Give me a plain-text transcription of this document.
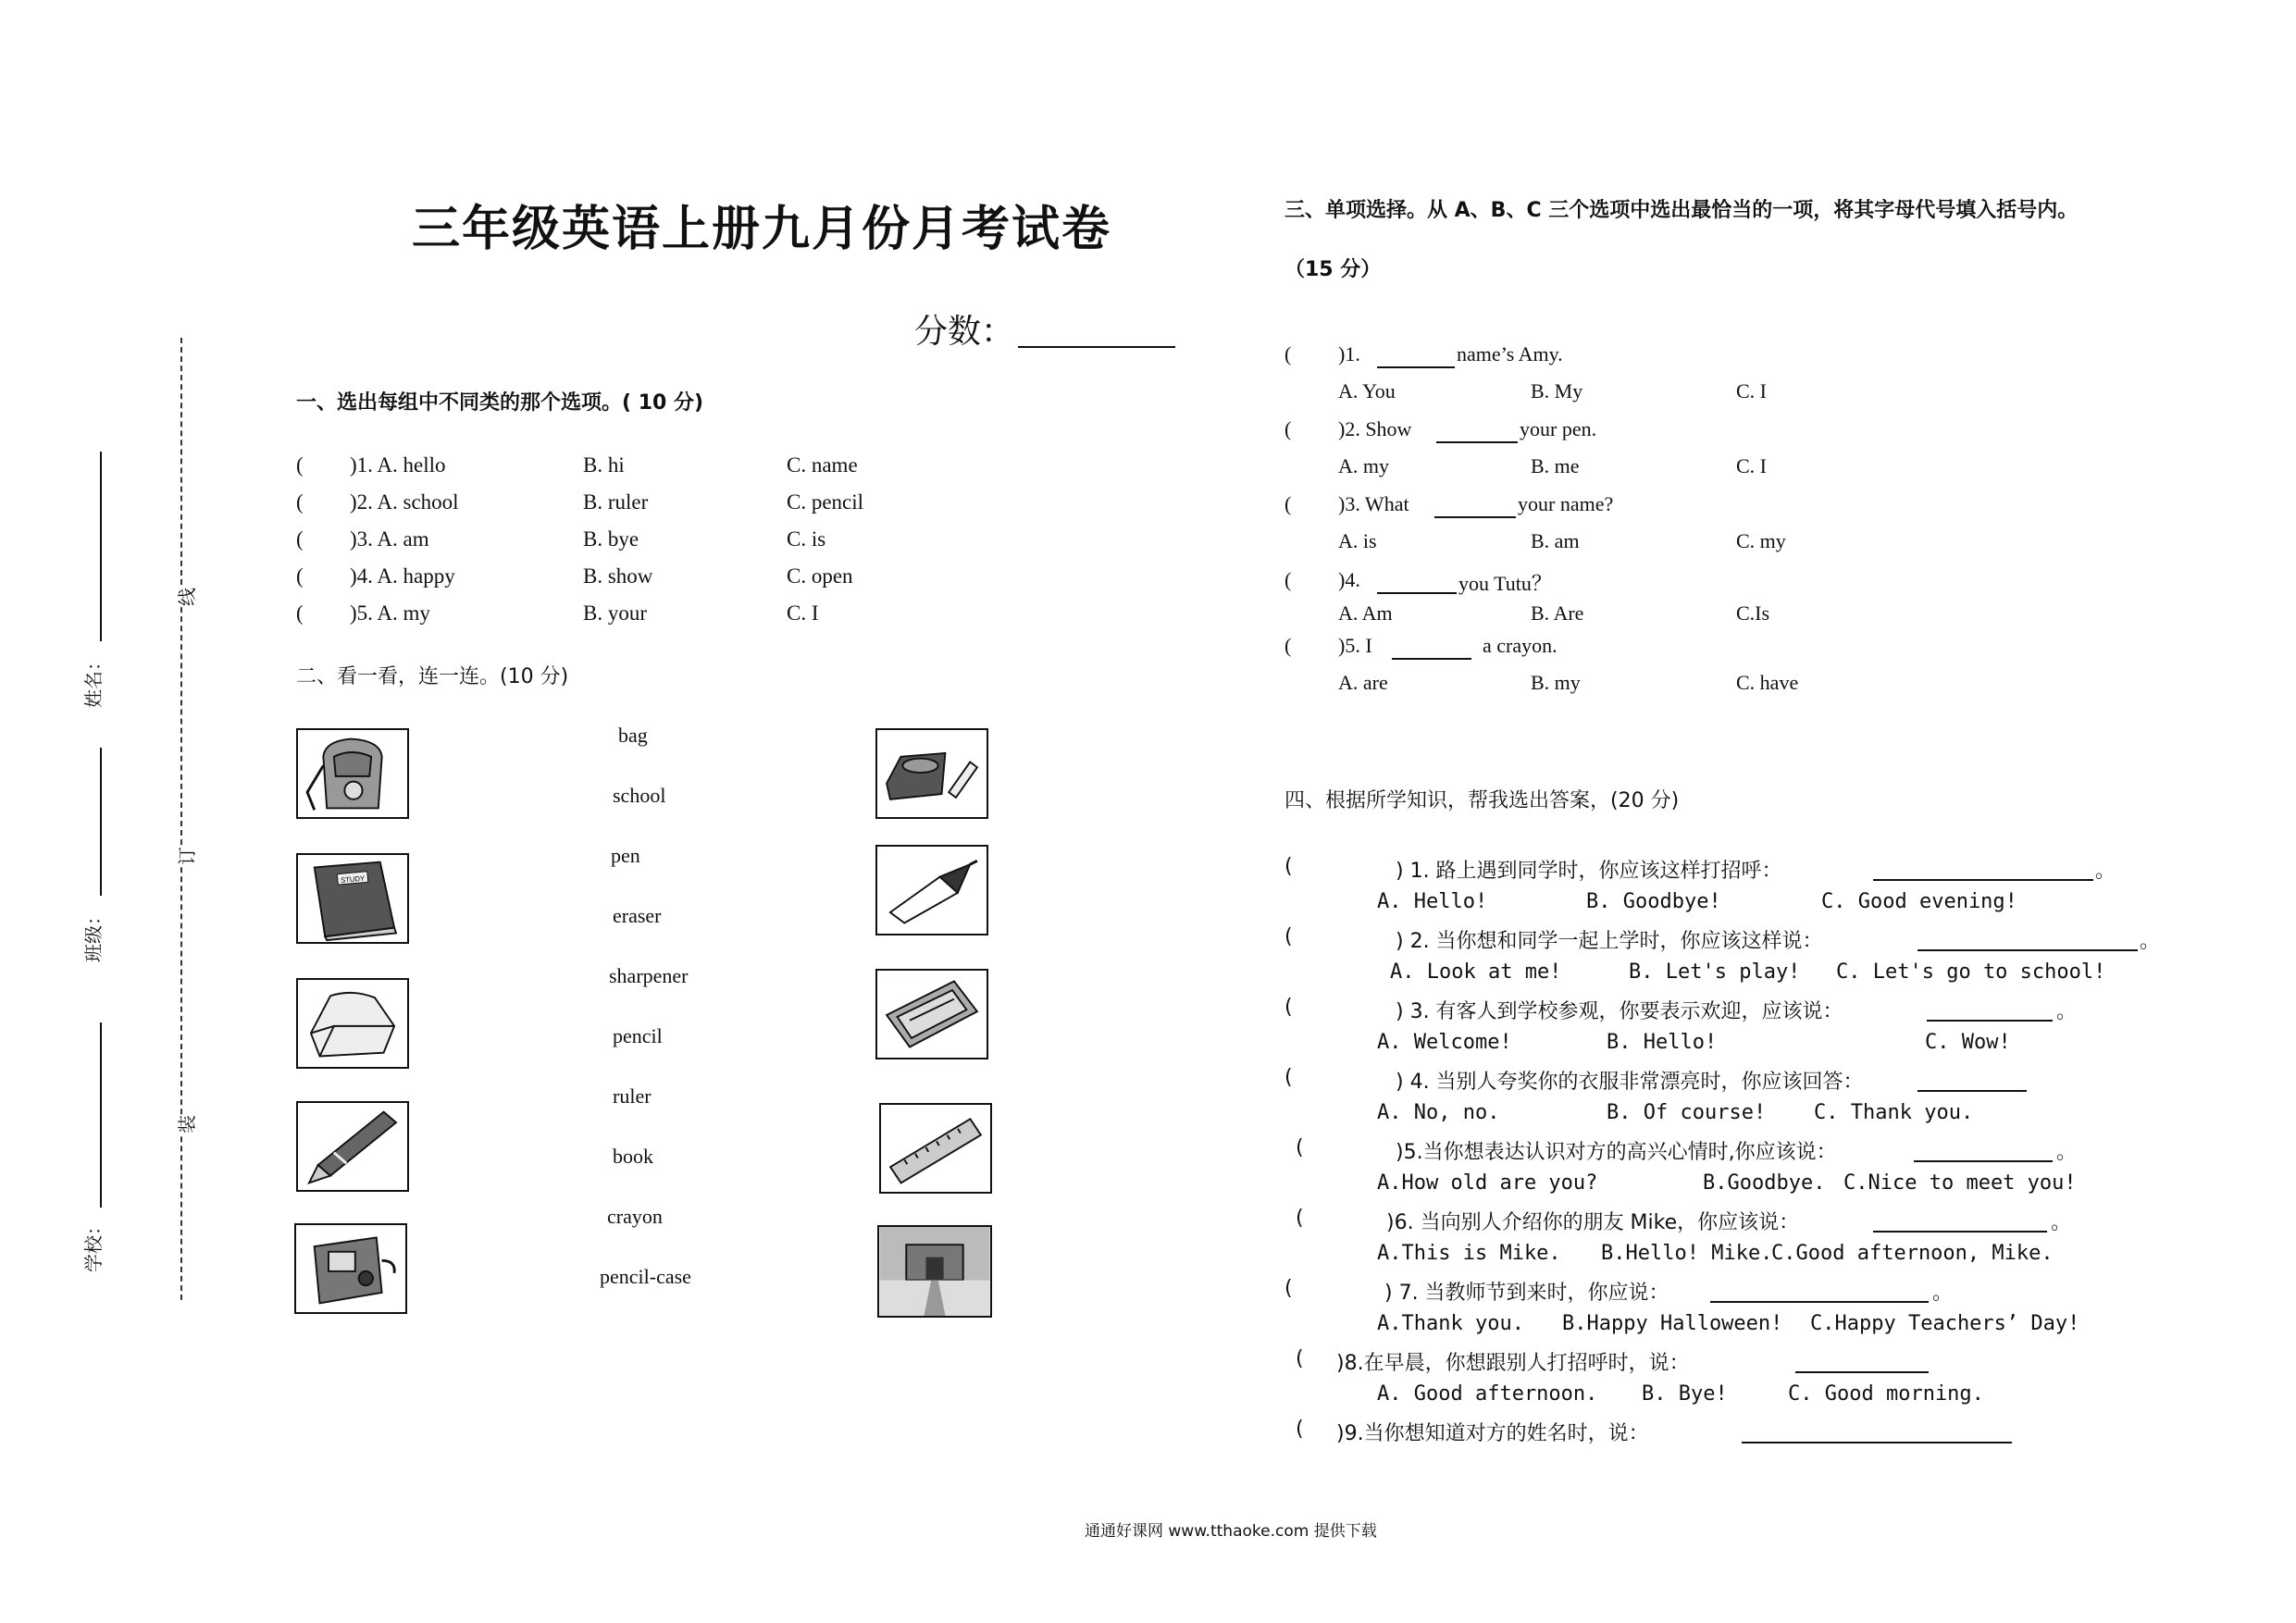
三年级英语上册九月份月考试卷
分数：
姓名：
班级：
学校：
线
订
装
一、选出每组中不同类的那个选项。( 10 分)
( )1. A. hello	B. hi	C. name
( )2. A. school	B. ruler	C. pencil
( )3. A. am	B. bye	C. is
( )4. A. happy	B. show	C. open
( )5. A. my	B. your	C. I
二、看一看，连一连。(10 分)
bag
school
pen
eraser
sharpener
pencil
ruler
book
crayon
pencil-case
STUDY
三、单项选择。从 A、B、C 三个选项中选出最恰当的一项，将其字母代号填入括号内。
（15 分）
( )1.	name’s Amy.
A. You	B. My	C. I
( )2. Show	your pen.
A. my	B. me	C. I
( )3. What	your name?
A. is	B. am	C. my
( )4.	you Tutu？
A. Am	B. Are	C.Is
( )5. I	a crayon.
A. are	B. my	C. have
四、根据所学知识，帮我选出答案，(20 分)
(	) 1. 路上遇到同学时，你应该这样打招呼：	。
A. Hello!	B. Goodbye!	C. Good evening!
(	) 2. 当你想和同学一起上学时，你应该这样说：	。
A. Look at me!	B. Let's play! C. Let's go to school!
(	) 3. 有客人到学校参观，你要表示欢迎，应该说：	。
A. Welcome!	B. Hello!	C. Wow!
(	) 4. 当别人夸奖你的衣服非常漂亮时，你应该回答：
A. No, no.	B. Of course! C. Thank you.
(	)5.当你想表达认识对方的高兴心情时,你应该说：	。
A.How old are you?	B.Goodbye. C.Nice to meet you!
(	)6. 当向别人介绍你的朋友 Mike，你应该说：	。
A.This is Mike. B.Hello! Mike.
C.Good afternoon, Mike.
(	) 7. 当教师节到来时，你应说：	。
A.Thank you. B.Happy Halloween! C.Happy Teachers’ Day!
( )8.在早晨，你想跟别人打招呼时，说：
A. Good afternoon. B. Bye!	C. Good morning.
( )9.当你想知道对方的姓名时，说：
通通好课网 www.tthaoke.com 提供下载
